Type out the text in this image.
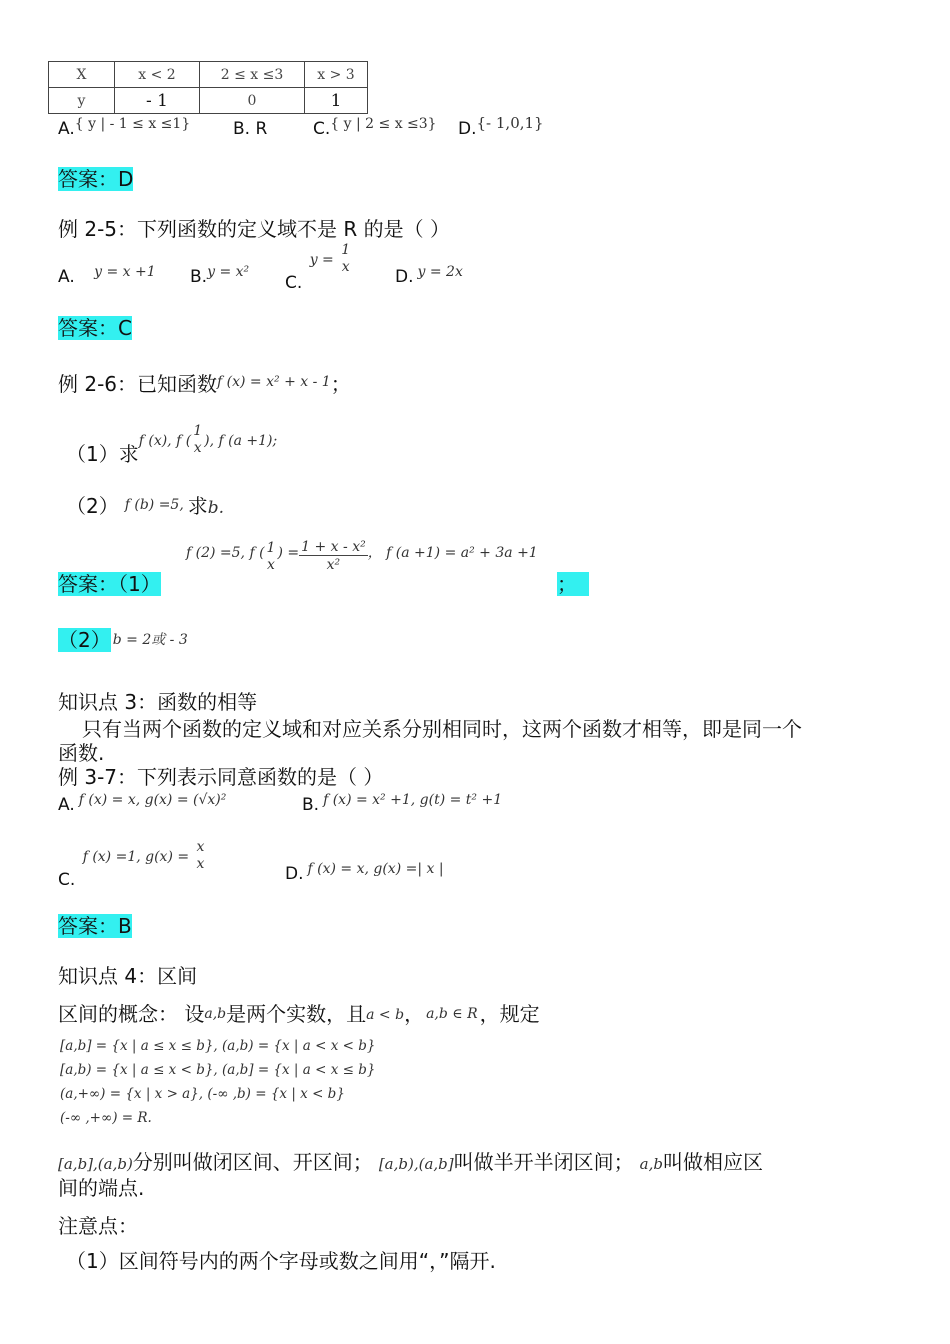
X	x < 2	2 ≤ x ≤3	x > 3
y	- 1	0	1
A.$^{\{ y | - 1 \le x \le 1\}}$	B. R	C.$^{\{ y | 2 \le x \le 3\}}$ D.{- 1,0,1}
答案：D
例 2-5：下列函数的定义域不是 R 的是（ ）
A. $^{y = x +1}$ B.$^{y = x^2}$
C. y =
1
x	D. $^{y = 2x}$
答案：C
例 2-6：已知函数$^{f (x) = x^2 + x - 1}$；
（1）求f (x), f (
1
x ), f (a +1);
（2） $^{f (b) =5,}$ 求b.
答案：（1）
f (2) =5, f ( 1
x
) = $\frac{\text{1 + x - x²}}{\text{x²}}$ ， f (a +1) = a² + 3a +1
；
（2） b = 2或 - 3
知识点 3：函数的相等
只有当两个函数的定义域和对应关系分别相同时，这两个函数才相等，即是同一个
函数.
例 3-7：下列表示同意函数的是（ ）
A. $^{f (x) = x, g(x) = (√x)^2}$	B. $^{f (x) = x^2 +1, g(t) = t^2 +1}$
C. f (x) =1, g(x) =
x
x	D. $^{f (x) = x, g(x) =| x |}$
答案：B
知识点 4：区间
区间的概念： 设a,b是两个实数，且a < b， a,b ∈ R ，规定
[a,b] = {x | a ≤ x ≤ b}, (a,b) = {x | a < x < b}
[a,b) = {x | a ≤ x < b}, (a,b] = {x | a < x ≤ b}
(a,+∞) = {x | x > a}, (-∞ ,b) = {x | x < b}
(-∞ ,+∞) = R.
[a,b],(a,b)分别叫做闭区间、开区间； [a,b),(a,b]叫做半开半闭区间； a,b叫做相应区
间的端点.
注意点：
（1）区间符号内的两个字母或数之间用“，”隔开.
